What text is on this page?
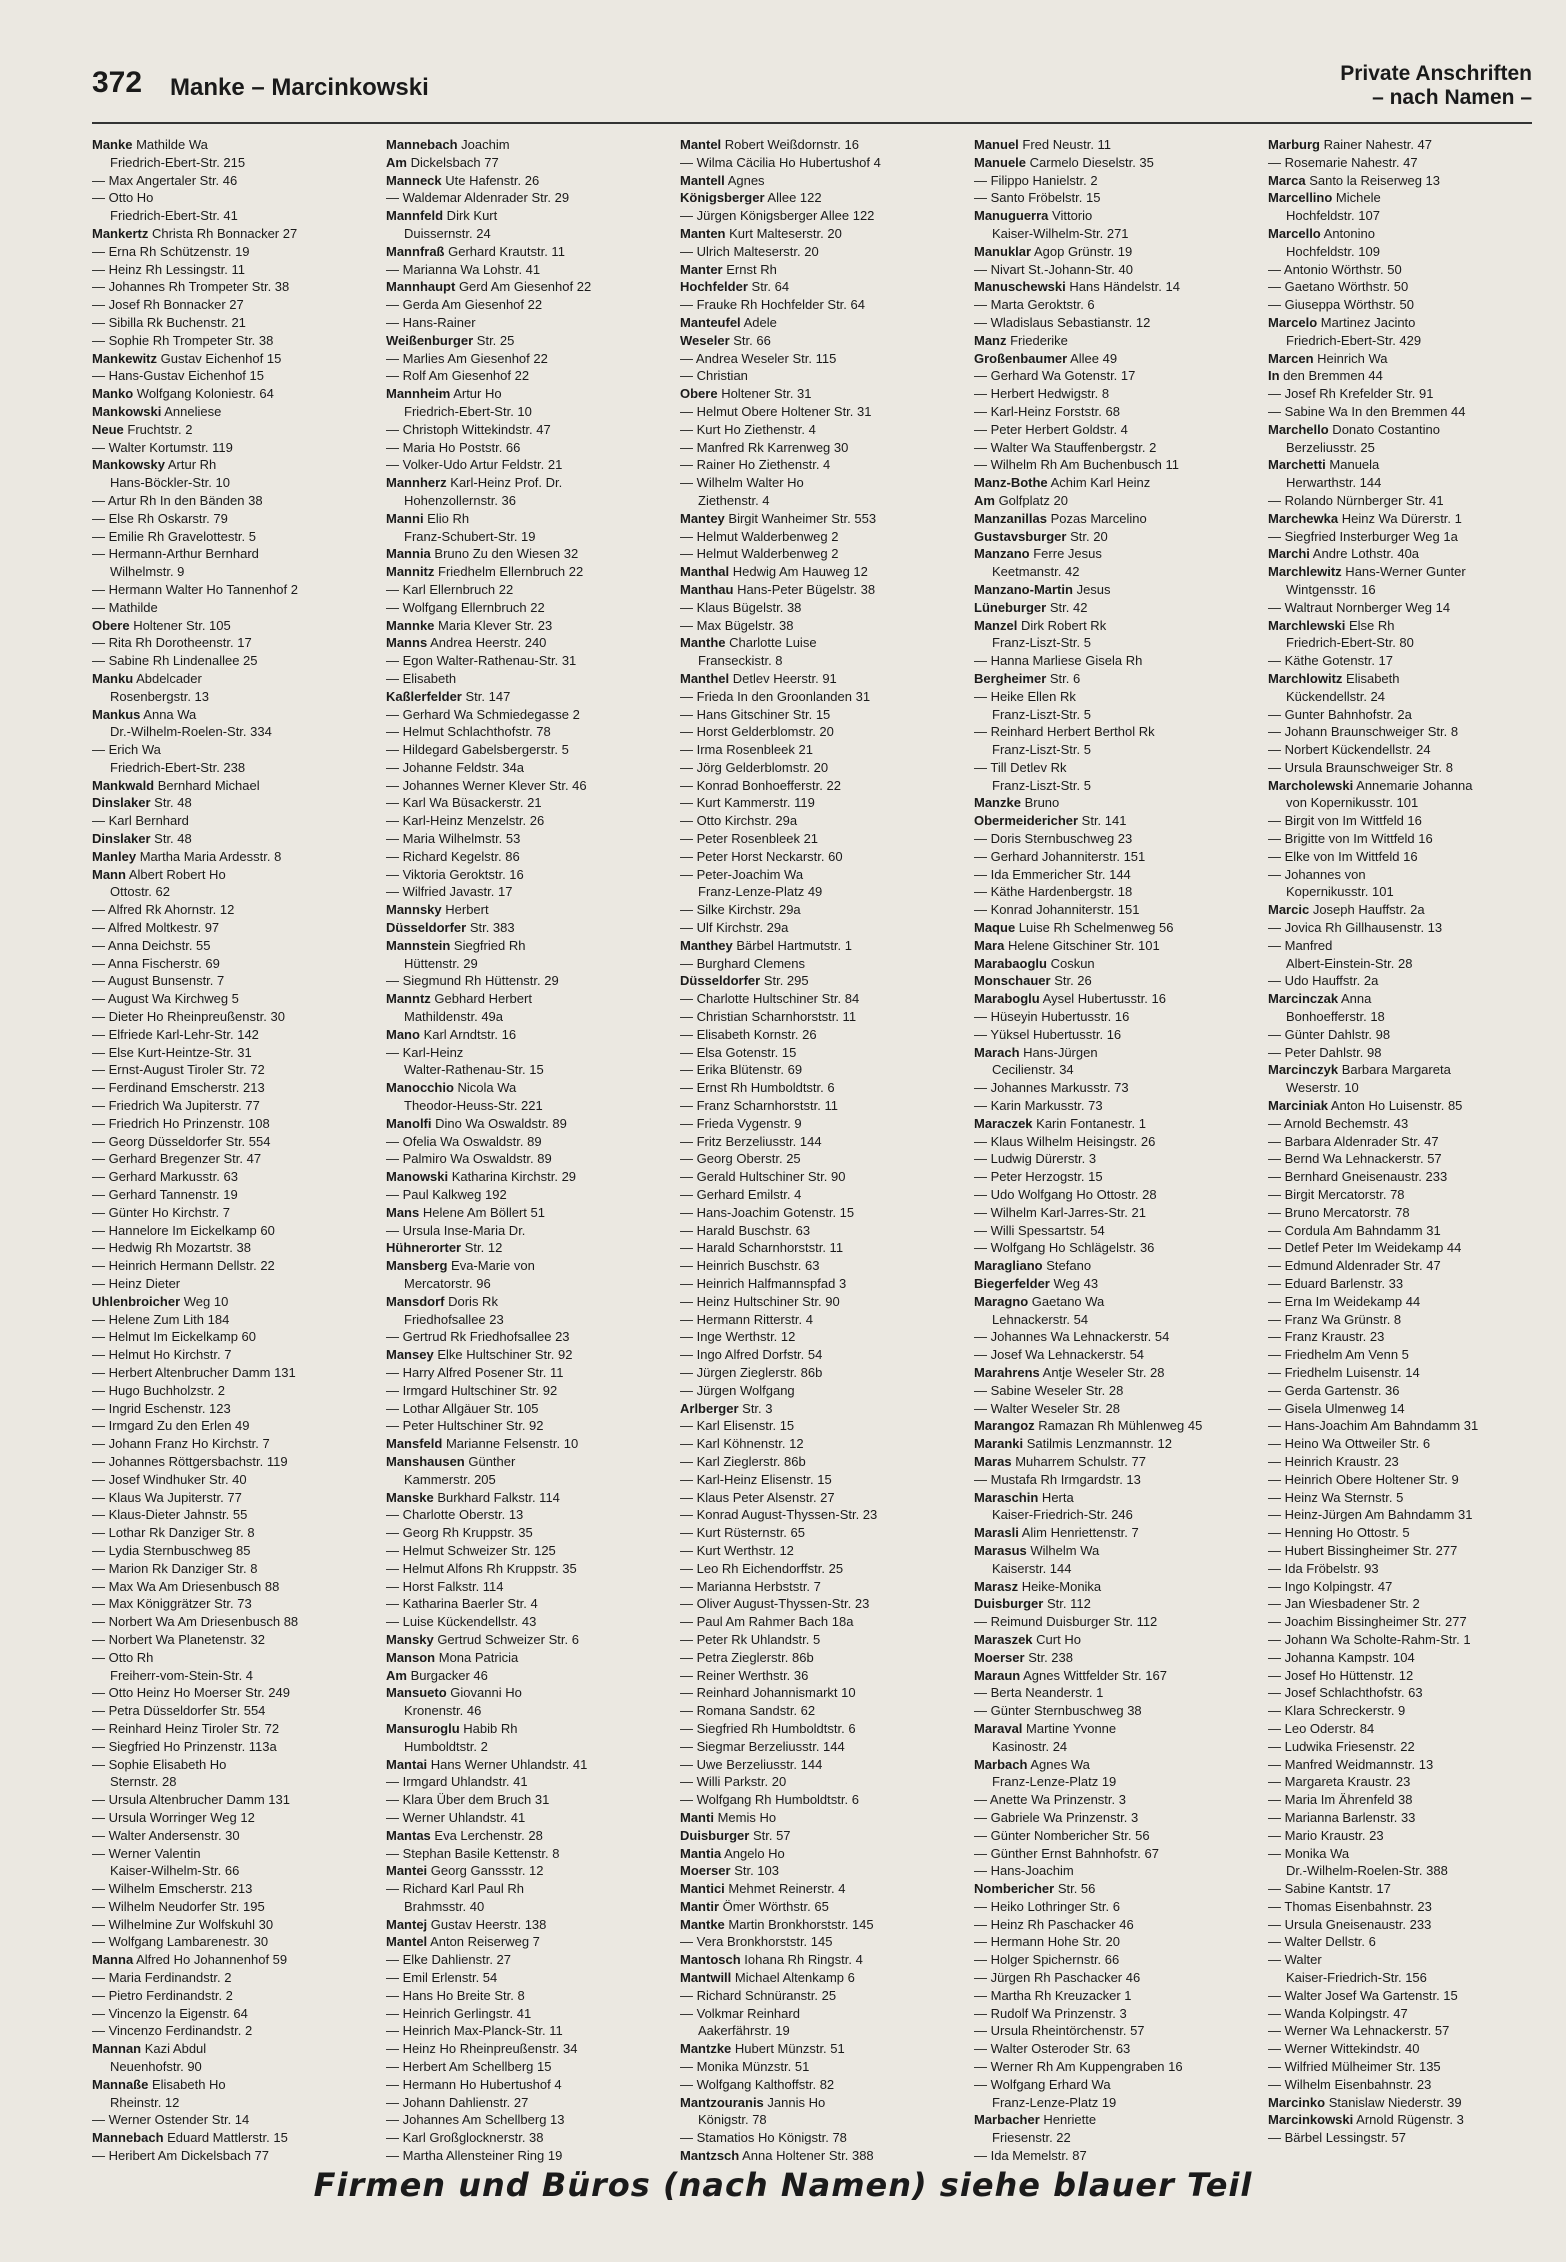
372 Manke – Marcinkowski
Private Anschriften
– nach Namen –
Manke Mathilde Wa
Friedrich-Ebert-Str. 215
— Max Angertaler Str. 46
— Otto Ho
Friedrich-Ebert-Str. 41
Mankertz Christa Rh Bonnacker 27
— Erna Rh Schützenstr. 19
— Heinz Rh Lessingstr. 11
— Johannes Rh Trompeter Str. 38
— Josef Rh Bonnacker 27
— Sibilla Rk Buchenstr. 21
— Sophie Rh Trompeter Str. 38
Mankewitz Gustav Eichenhof 15
— Hans-Gustav Eichenhof 15
Manko Wolfgang Koloniestr. 64
Mankowski Anneliese
Neue Fruchtstr. 2
— Walter Kortumstr. 119
Mankowsky Artur Rh
Hans-Böckler-Str. 10
— Artur Rh In den Bänden 38
— Else Rh Oskarstr. 79
— Emilie Rh Gravelottestr. 5
— Hermann-Arthur Bernhard
Wilhelmstr. 9
— Hermann Walter Ho Tannenhof 2
— Mathilde
Obere Holtener Str. 105
— Rita Rh Dorotheenstr. 17
— Sabine Rh Lindenallee 25
Manku Abdelcader
Rosenbergstr. 13
Mankus Anna Wa
Dr.-Wilhelm-Roelen-Str. 334
— Erich Wa
Friedrich-Ebert-Str. 238
Mankwald Bernhard Michael
Dinslaker Str. 48
— Karl Bernhard
Dinslaker Str. 48
Manley Martha Maria Ardesstr. 8
Mann Albert Robert Ho
Ottostr. 62
— Alfred Rk Ahornstr. 12
— Alfred Moltkestr. 97
— Anna Deichstr. 55
— Anna Fischerstr. 69
— August Bunsenstr. 7
— August Wa Kirchweg 5
— Dieter Ho Rheinpreußenstr. 30
— Elfriede Karl-Lehr-Str. 142
— Else Kurt-Heintze-Str. 31
— Ernst-August Tiroler Str. 72
— Ferdinand Emscherstr. 213
— Friedrich Wa Jupiterstr. 77
— Friedrich Ho Prinzenstr. 108
— Georg Düsseldorfer Str. 554
— Gerhard Bregenzer Str. 47
— Gerhard Markusstr. 63
— Gerhard Tannenstr. 19
— Günter Ho Kirchstr. 7
— Hannelore Im Eickelkamp 60
— Hedwig Rh Mozartstr. 38
— Heinrich Hermann Dellstr. 22
— Heinz Dieter
Uhlenbroicher Weg 10
— Helene Zum Lith 184
— Helmut Im Eickelkamp 60
— Helmut Ho Kirchstr. 7
— Herbert Altenbrucher Damm 131
— Hugo Buchholzstr. 2
— Ingrid Eschenstr. 123
— Irmgard Zu den Erlen 49
— Johann Franz Ho Kirchstr. 7
— Johannes Röttgersbachstr. 119
— Josef Windhuker Str. 40
— Klaus Wa Jupiterstr. 77
— Klaus-Dieter Jahnstr. 55
— Lothar Rk Danziger Str. 8
— Lydia Sternbuschweg 85
— Marion Rk Danziger Str. 8
— Max Wa Am Driesenbusch 88
— Max Königgrätzer Str. 73
— Norbert Wa Am Driesenbusch 88
— Norbert Wa Planetenstr. 32
— Otto Rh
Freiherr-vom-Stein-Str. 4
— Otto Heinz Ho Moerser Str. 249
— Petra Düsseldorfer Str. 554
— Reinhard Heinz Tiroler Str. 72
— Siegfried Ho Prinzenstr. 113a
— Sophie Elisabeth Ho
Sternstr. 28
— Ursula Altenbrucher Damm 131
— Ursula Worringer Weg 12
— Walter Andersenstr. 30
— Werner Valentin
Kaiser-Wilhelm-Str. 66
— Wilhelm Emscherstr. 213
— Wilhelm Neudorfer Str. 195
— Wilhelmine Zur Wolfskuhl 30
— Wolfgang Lambarenestr. 30
Manna Alfred Ho Johannenhof 59
— Maria Ferdinandstr. 2
— Pietro Ferdinandstr. 2
— Vincenzo la Eigenstr. 64
— Vincenzo Ferdinandstr. 2
Mannan Kazi Abdul
Neuenhofstr. 90
Mannaße Elisabeth Ho
Rheinstr. 12
— Werner Ostender Str. 14
Mannebach Eduard Mattlerstr. 15
— Heribert Am Dickelsbach 77
Mannebach Joachim
Am Dickelsbach 77
Manneck Ute Hafenstr. 26
— Waldemar Aldenrader Str. 29
Mannfeld Dirk Kurt
Duissernstr. 24
Mannfraß Gerhard Krautstr. 11
— Marianna Wa Lohstr. 41
Mannhaupt Gerd Am Giesenhof 22
— Gerda Am Giesenhof 22
— Hans-Rainer
Weißenburger Str. 25
— Marlies Am Giesenhof 22
— Rolf Am Giesenhof 22
Mannheim Artur Ho
Friedrich-Ebert-Str. 10
— Christoph Wittekindstr. 47
— Maria Ho Poststr. 66
— Volker-Udo Artur Feldstr. 21
Mannherz Karl-Heinz Prof. Dr.
Hohenzollernstr. 36
Manni Elio Rh
Franz-Schubert-Str. 19
Mannia Bruno Zu den Wiesen 32
Mannitz Friedhelm Ellernbruch 22
— Karl Ellernbruch 22
— Wolfgang Ellernbruch 22
Mannke Maria Klever Str. 23
Manns Andrea Heerstr. 240
— Egon Walter-Rathenau-Str. 31
— Elisabeth
Kaßlerfelder Str. 147
— Gerhard Wa Schmiedegasse 2
— Helmut Schlachthofstr. 78
— Hildegard Gabelsbergerstr. 5
— Johanne Feldstr. 34a
— Johannes Werner Klever Str. 46
— Karl Wa Büsackerstr. 21
— Karl-Heinz Menzelstr. 26
— Maria Wilhelmstr. 53
— Richard Kegelstr. 86
— Viktoria Geroktstr. 16
— Wilfried Javastr. 17
Mannsky Herbert
Düsseldorfer Str. 383
Mannstein Siegfried Rh
Hüttenstr. 29
— Siegmund Rh Hüttenstr. 29
Manntz Gebhard Herbert
Mathildenstr. 49a
Mano Karl Arndtstr. 16
— Karl-Heinz
Walter-Rathenau-Str. 15
Manocchio Nicola Wa
Theodor-Heuss-Str. 221
Manolfi Dino Wa Oswaldstr. 89
— Ofelia Wa Oswaldstr. 89
— Palmiro Wa Oswaldstr. 89
Manowski Katharina Kirchstr. 29
— Paul Kalkweg 192
Mans Helene Am Böllert 51
— Ursula Inse-Maria Dr.
Hühnerorter Str. 12
Mansberg Eva-Marie von
Mercatorstr. 96
Mansdorf Doris Rk
Friedhofsallee 23
— Gertrud Rk Friedhofsallee 23
Mansey Elke Hultschiner Str. 92
— Harry Alfred Posener Str. 11
— Irmgard Hultschiner Str. 92
— Lothar Allgäuer Str. 105
— Peter Hultschiner Str. 92
Mansfeld Marianne Felsenstr. 10
Manshausen Günther
Kammerstr. 205
Manske Burkhard Falkstr. 114
— Charlotte Oberstr. 13
— Georg Rh Kruppstr. 35
— Helmut Schweizer Str. 125
— Helmut Alfons Rh Kruppstr. 35
— Horst Falkstr. 114
— Katharina Baerler Str. 4
— Luise Kückendellstr. 43
Mansky Gertrud Schweizer Str. 6
Manson Mona Patricia
Am Burgacker 46
Mansueto Giovanni Ho
Kronenstr. 46
Mansuroglu Habib Rh
Humboldtstr. 2
Mantai Hans Werner Uhlandstr. 41
— Irmgard Uhlandstr. 41
— Klara Über dem Bruch 31
— Werner Uhlandstr. 41
Mantas Eva Lerchenstr. 28
— Stephan Basile Kettenstr. 8
Mantei Georg Ganssstr. 12
— Richard Karl Paul Rh
Brahmsstr. 40
Mantej Gustav Heerstr. 138
Mantel Anton Reiserweg 7
— Elke Dahlienstr. 27
— Emil Erlenstr. 54
— Hans Ho Breite Str. 8
— Heinrich Gerlingstr. 41
— Heinrich Max-Planck-Str. 11
— Heinz Ho Rheinpreußenstr. 34
— Herbert Am Schellberg 15
— Hermann Ho Hubertushof 4
— Johann Dahlienstr. 27
— Johannes Am Schellberg 13
— Karl Großglocknerstr. 38
— Martha Allensteiner Ring 19
Mantel Robert Weißdornstr. 16
— Wilma Cäcilia Ho Hubertushof 4
Mantell Agnes
Königsberger Allee 122
— Jürgen Königsberger Allee 122
Manten Kurt Malteserstr. 20
— Ulrich Malteserstr. 20
Manter Ernst Rh
Hochfelder Str. 64
— Frauke Rh Hochfelder Str. 64
Manteufel Adele
Weseler Str. 66
— Andrea Weseler Str. 115
— Christian
Obere Holtener Str. 31
— Helmut Obere Holtener Str. 31
— Kurt Ho Ziethenstr. 4
— Manfred Rk Karrenweg 30
— Rainer Ho Ziethenstr. 4
— Wilhelm Walter Ho
Ziethenstr. 4
Mantey Birgit Wanheimer Str. 553
— Helmut Walderbenweg 2
— Helmut Walderbenweg 2
Manthal Hedwig Am Hauweg 12
Manthau Hans-Peter Bügelstr. 38
— Klaus Bügelstr. 38
— Max Bügelstr. 38
Manthe Charlotte Luise
Franseckistr. 8
Manthel Detlev Heerstr. 91
— Frieda In den Groonlanden 31
— Hans Gitschiner Str. 15
— Horst Gelderblomstr. 20
— Irma Rosenbleek 21
— Jörg Gelderblomstr. 20
— Konrad Bonhoefferstr. 22
— Kurt Kammerstr. 119
— Otto Kirchstr. 29a
— Peter Rosenbleek 21
— Peter Horst Neckarstr. 60
— Peter-Joachim Wa
Franz-Lenze-Platz 49
— Silke Kirchstr. 29a
— Ulf Kirchstr. 29a
Manthey Bärbel Hartmutstr. 1
— Burghard Clemens
Düsseldorfer Str. 295
— Charlotte Hultschiner Str. 84
— Christian Scharnhorststr. 11
— Elisabeth Kornstr. 26
— Elsa Gotenstr. 15
— Erika Blütenstr. 69
— Ernst Rh Humboldtstr. 6
— Franz Scharnhorststr. 11
— Frieda Vygenstr. 9
— Fritz Berzeliusstr. 144
— Georg Oberstr. 25
— Gerald Hultschiner Str. 90
— Gerhard Emilstr. 4
— Hans-Joachim Gotenstr. 15
— Harald Buschstr. 63
— Harald Scharnhorststr. 11
— Heinrich Buschstr. 63
— Heinrich Halfmannspfad 3
— Heinz Hultschiner Str. 90
— Hermann Ritterstr. 4
— Inge Werthstr. 12
— Ingo Alfred Dorfstr. 54
— Jürgen Zieglerstr. 86b
— Jürgen Wolfgang
Arlberger Str. 3
— Karl Elisenstr. 15
— Karl Köhnenstr. 12
— Karl Zieglerstr. 86b
— Karl-Heinz Elisenstr. 15
— Klaus Peter Alsenstr. 27
— Konrad August-Thyssen-Str. 23
— Kurt Rüsternstr. 65
— Kurt Werthstr. 12
— Leo Rh Eichendorffstr. 25
— Marianna Herbststr. 7
— Oliver August-Thyssen-Str. 23
— Paul Am Rahmer Bach 18a
— Peter Rk Uhlandstr. 5
— Petra Zieglerstr. 86b
— Reiner Werthstr. 36
— Reinhard Johannismarkt 10
— Romana Sandstr. 62
— Siegfried Rh Humboldtstr. 6
— Siegmar Berzeliusstr. 144
— Uwe Berzeliusstr. 144
— Willi Parkstr. 20
— Wolfgang Rh Humboldtstr. 6
Manti Memis Ho
Duisburger Str. 57
Mantia Angelo Ho
Moerser Str. 103
Mantici Mehmet Reinerstr. 4
Mantir Ömer Wörthstr. 65
Mantke Martin Bronkhorststr. 145
— Vera Bronkhorststr. 145
Mantosch Iohana Rh Ringstr. 4
Mantwill Michael Altenkamp 6
— Richard Schnüranstr. 25
— Volkmar Reinhard
Aakerfährstr. 19
Mantzke Hubert Münzstr. 51
— Monika Münzstr. 51
— Wolfgang Kalthoffstr. 82
Mantzouranis Jannis Ho
Königstr. 78
— Stamatios Ho Königstr. 78
Mantzsch Anna Holtener Str. 388
Manuel Fred Neustr. 11
Manuele Carmelo Dieselstr. 35
— Filippo Hanielstr. 2
— Santo Fröbelstr. 15
Manuguerra Vittorio
Kaiser-Wilhelm-Str. 271
Manuklar Agop Grünstr. 19
— Nivart St.-Johann-Str. 40
Manuschewski Hans Händelstr. 14
— Marta Geroktstr. 6
— Wladislaus Sebastianstr. 12
Manz Friederike
Großenbaumer Allee 49
— Gerhard Wa Gotenstr. 17
— Herbert Hedwigstr. 8
— Karl-Heinz Forststr. 68
— Peter Herbert Goldstr. 4
— Walter Wa Stauffenbergstr. 2
— Wilhelm Rh Am Buchenbusch 11
Manz-Bothe Achim Karl Heinz
Am Golfplatz 20
Manzanillas Pozas Marcelino
Gustavsburger Str. 20
Manzano Ferre Jesus
Keetmanstr. 42
Manzano-Martin Jesus
Lüneburger Str. 42
Manzel Dirk Robert Rk
Franz-Liszt-Str. 5
— Hanna Marliese Gisela Rh
Bergheimer Str. 6
— Heike Ellen Rk
Franz-Liszt-Str. 5
— Reinhard Herbert Berthol Rk
Franz-Liszt-Str. 5
— Till Detlev Rk
Franz-Liszt-Str. 5
Manzke Bruno
Obermeidericher Str. 141
— Doris Sternbuschweg 23
— Gerhard Johanniterstr. 151
— Ida Emmericher Str. 144
— Käthe Hardenbergstr. 18
— Konrad Johanniterstr. 151
Maque Luise Rh Schelmenweg 56
Mara Helene Gitschiner Str. 101
Marabaoglu Coskun
Monschauer Str. 26
Maraboglu Aysel Hubertusstr. 16
— Hüseyin Hubertusstr. 16
— Yüksel Hubertusstr. 16
Marach Hans-Jürgen
Cecilienstr. 34
— Johannes Markusstr. 73
— Karin Markusstr. 73
Maraczek Karin Fontanestr. 1
— Klaus Wilhelm Heisingstr. 26
— Ludwig Dürerstr. 3
— Peter Herzogstr. 15
— Udo Wolfgang Ho Ottostr. 28
— Wilhelm Karl-Jarres-Str. 21
— Willi Spessartstr. 54
— Wolfgang Ho Schlägelstr. 36
Maragliano Stefano
Biegerfelder Weg 43
Maragno Gaetano Wa
Lehnackerstr. 54
— Johannes Wa Lehnackerstr. 54
— Josef Wa Lehnackerstr. 54
Marahrens Antje Weseler Str. 28
— Sabine Weseler Str. 28
— Walter Weseler Str. 28
Marangoz Ramazan Rh Mühlenweg 45
Maranki Satilmis Lenzmannstr. 12
Maras Muharrem Schulstr. 77
— Mustafa Rh Irmgardstr. 13
Maraschin Herta
Kaiser-Friedrich-Str. 246
Marasli Alim Henriettenstr. 7
Marasus Wilhelm Wa
Kaiserstr. 144
Marasz Heike-Monika
Duisburger Str. 112
— Reimund Duisburger Str. 112
Maraszek Curt Ho
Moerser Str. 238
Maraun Agnes Wittfelder Str. 167
— Berta Neanderstr. 1
— Günter Sternbuschweg 38
Maraval Martine Yvonne
Kasinostr. 24
Marbach Agnes Wa
Franz-Lenze-Platz 19
— Anette Wa Prinzenstr. 3
— Gabriele Wa Prinzenstr. 3
— Günter Nombericher Str. 56
— Günther Ernst Bahnhofstr. 67
— Hans-Joachim
Nombericher Str. 56
— Heiko Lothringer Str. 6
— Heinz Rh Paschacker 46
— Hermann Hohe Str. 20
— Holger Spichernstr. 66
— Jürgen Rh Paschacker 46
— Martha Rh Kreuzacker 1
— Rudolf Wa Prinzenstr. 3
— Ursula Rheintörchenstr. 57
— Walter Osteroder Str. 63
— Werner Rh Am Kuppengraben 16
— Wolfgang Erhard Wa
Franz-Lenze-Platz 19
Marbacher Henriette
Friesenstr. 22
— Ida Memelstr. 87
Marburg Rainer Nahestr. 47
— Rosemarie Nahestr. 47
Marca Santo la Reiserweg 13
Marcellino Michele
Hochfeldstr. 107
Marcello Antonino
Hochfeldstr. 109
— Antonio Wörthstr. 50
— Gaetano Wörthstr. 50
— Giuseppa Wörthstr. 50
Marcelo Martinez Jacinto
Friedrich-Ebert-Str. 429
Marcen Heinrich Wa
In den Bremmen 44
— Josef Rh Krefelder Str. 91
— Sabine Wa In den Bremmen 44
Marchello Donato Costantino
Berzeliusstr. 25
Marchetti Manuela
Herwarthstr. 144
— Rolando Nürnberger Str. 41
Marchewka Heinz Wa Dürerstr. 1
— Siegfried Insterburger Weg 1a
Marchi Andre Lothstr. 40a
Marchlewitz Hans-Werner Gunter
Wintgensstr. 16
— Waltraut Nornberger Weg 14
Marchlewski Else Rh
Friedrich-Ebert-Str. 80
— Käthe Gotenstr. 17
Marchlowitz Elisabeth
Kückendellstr. 24
— Gunter Bahnhofstr. 2a
— Johann Braunschweiger Str. 8
— Norbert Kückendellstr. 24
— Ursula Braunschweiger Str. 8
Marcholewski Annemarie Johanna
von Kopernikusstr. 101
— Birgit von Im Wittfeld 16
— Brigitte von Im Wittfeld 16
— Elke von Im Wittfeld 16
— Johannes von
Kopernikusstr. 101
Marcic Joseph Hauffstr. 2a
— Jovica Rh Gillhausenstr. 13
— Manfred
Albert-Einstein-Str. 28
— Udo Hauffstr. 2a
Marcinczak Anna
Bonhoefferstr. 18
— Günter Dahlstr. 98
— Peter Dahlstr. 98
Marcinczyk Barbara Margareta
Weserstr. 10
Marciniak Anton Ho Luisenstr. 85
— Arnold Bechemstr. 43
— Barbara Aldenrader Str. 47
— Bernd Wa Lehnackerstr. 57
— Bernhard Gneisenaustr. 233
— Birgit Mercatorstr. 78
— Bruno Mercatorstr. 78
— Cordula Am Bahndamm 31
— Detlef Peter Im Weidekamp 44
— Edmund Aldenrader Str. 47
— Eduard Barlenstr. 33
— Erna Im Weidekamp 44
— Franz Wa Grünstr. 8
— Franz Kraustr. 23
— Friedhelm Am Venn 5
— Friedhelm Luisenstr. 14
— Gerda Gartenstr. 36
— Gisela Ulmenweg 14
— Hans-Joachim Am Bahndamm 31
— Heino Wa Ottweiler Str. 6
— Heinrich Kraustr. 23
— Heinrich Obere Holtener Str. 9
— Heinz Wa Sternstr. 5
— Heinz-Jürgen Am Bahndamm 31
— Henning Ho Ottostr. 5
— Hubert Bissingheimer Str. 277
— Ida Fröbelstr. 93
— Ingo Kolpingstr. 47
— Jan Wiesbadener Str. 2
— Joachim Bissingheimer Str. 277
— Johann Wa Scholte-Rahm-Str. 1
— Johanna Kampstr. 104
— Josef Ho Hüttenstr. 12
— Josef Schlachthofstr. 63
— Klara Schreckerstr. 9
— Leo Oderstr. 84
— Ludwika Friesenstr. 22
— Manfred Weidmannstr. 13
— Margareta Kraustr. 23
— Maria Im Ährenfeld 38
— Marianna Barlenstr. 33
— Mario Kraustr. 23
— Monika Wa
Dr.-Wilhelm-Roelen-Str. 388
— Sabine Kantstr. 17
— Thomas Eisenbahnstr. 23
— Ursula Gneisenaustr. 233
— Walter Dellstr. 6
— Walter
Kaiser-Friedrich-Str. 156
— Walter Josef Wa Gartenstr. 15
— Wanda Kolpingstr. 47
— Werner Wa Lehnackerstr. 57
— Werner Wittekindstr. 40
— Wilfried Mülheimer Str. 135
— Wilhelm Eisenbahnstr. 23
Marcinko Stanislaw Niederstr. 39
Marcinkowski Arnold Rügenstr. 3
— Bärbel Lessingstr. 57
Firmen und Büros (nach Namen) siehe blauer Teil
